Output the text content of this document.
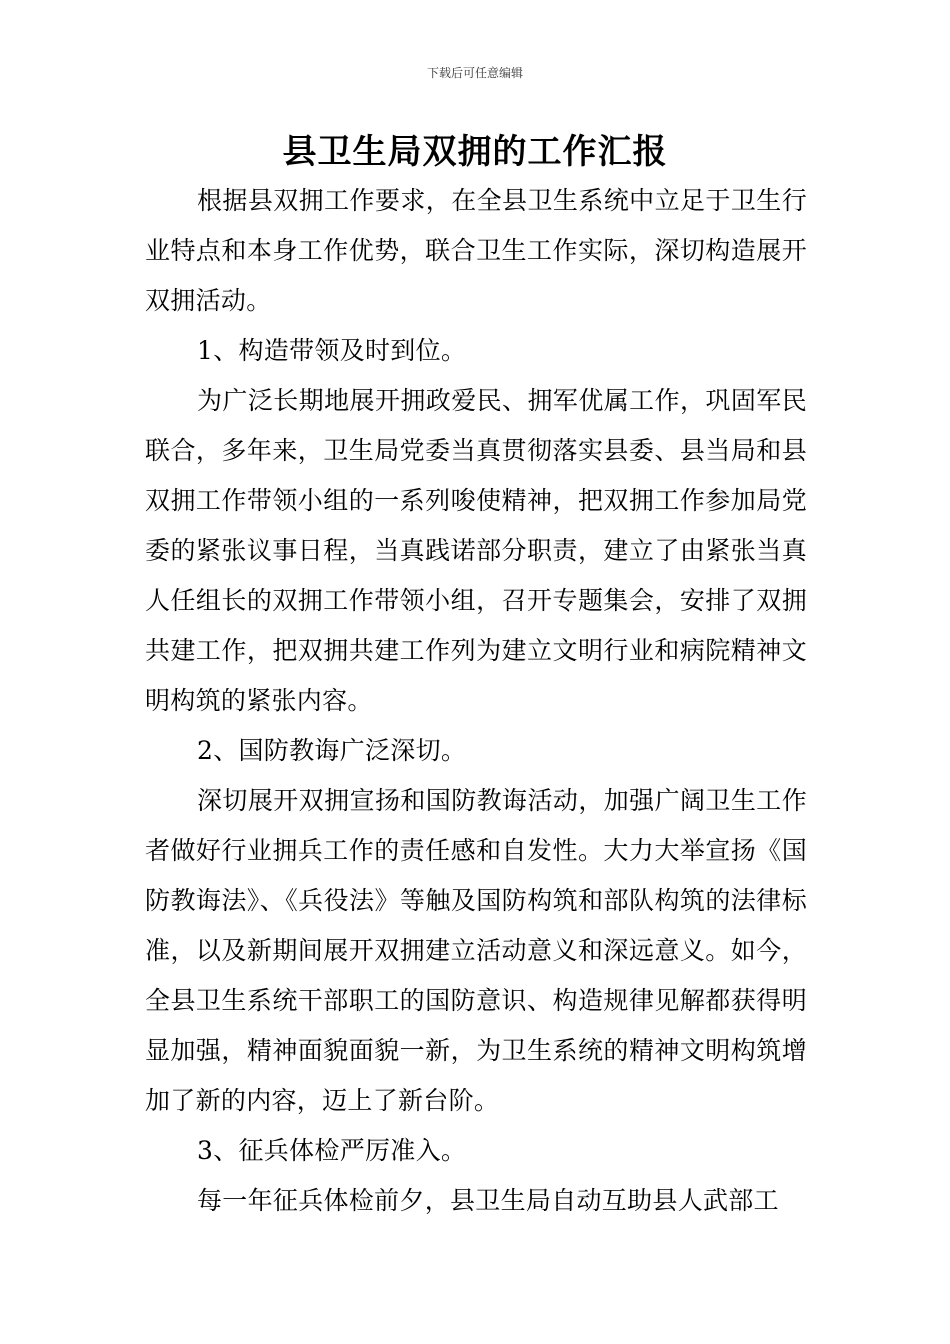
下载后可任意编辑
县卫生局双拥的工作汇报

根据县双拥工作要求，在全县卫生系统中立足于卫生行业特点和本身工作优势，联合卫生工作实际，深切构造展开双拥活动。

1、构造带领及时到位。

为广泛长期地展开拥政爱民、拥军优属工作，巩固军民联合，多年来，卫生局党委当真贯彻落实县委、县当局和县双拥工作带领小组的一系列唆使精神，把双拥工作参加局党委的紧张议事日程，当真践诺部分职责，建立了由紧张当真人任组长的双拥工作带领小组，召开专题集会，安排了双拥共建工作，把双拥共建工作列为建立文明行业和病院精神文明构筑的紧张内容。

2、国防教诲广泛深切。

深切展开双拥宣扬和国防教诲活动，加强广阔卫生工作者做好行业拥兵工作的责任感和自发性。大力大举宣扬《国防教诲法》、《兵役法》等触及国防构筑和部队构筑的法律标准，以及新期间展开双拥建立活动意义和深远意义。如今，全县卫生系统干部职工的国防意识、构造规律见解都获得明显加强，精神面貌面貌一新，为卫生系统的精神文明构筑增加了新的内容，迈上了新台阶。

3、征兵体检严厉准入。

每一年征兵体检前夕，县卫生局自动互助县人武部工
